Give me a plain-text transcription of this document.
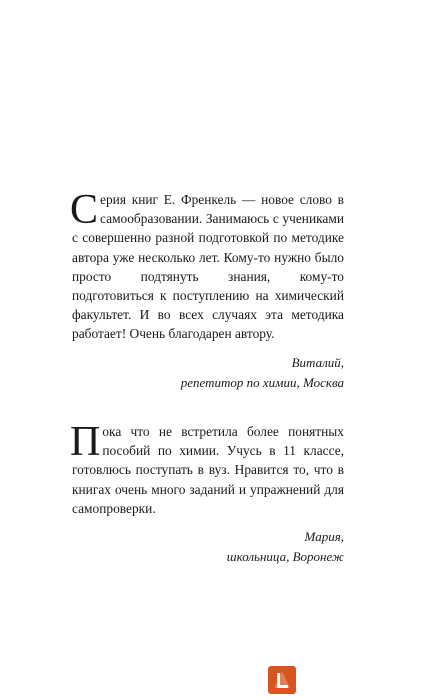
Серия книг Е. Френкель — новое слово в самообразовании. Занимаюсь с учениками с совершенно разной подготовкой по методике автора уже несколько лет. Кому-то нужно было просто подтянуть знания, кому-то подготовиться к поступлению на химический факультет. И во всех случаях эта методика работает! Очень благодарен автору.

Виталий,
репетитор по химии, Москва

Пока что не встретила более понятных пособий по химии. Учусь в 11 классе, готовлюсь поступать в вуз. Нравится то, что в книгах очень много заданий и упражнений для самопроверки.

Мария,
школьница, Воронеж
